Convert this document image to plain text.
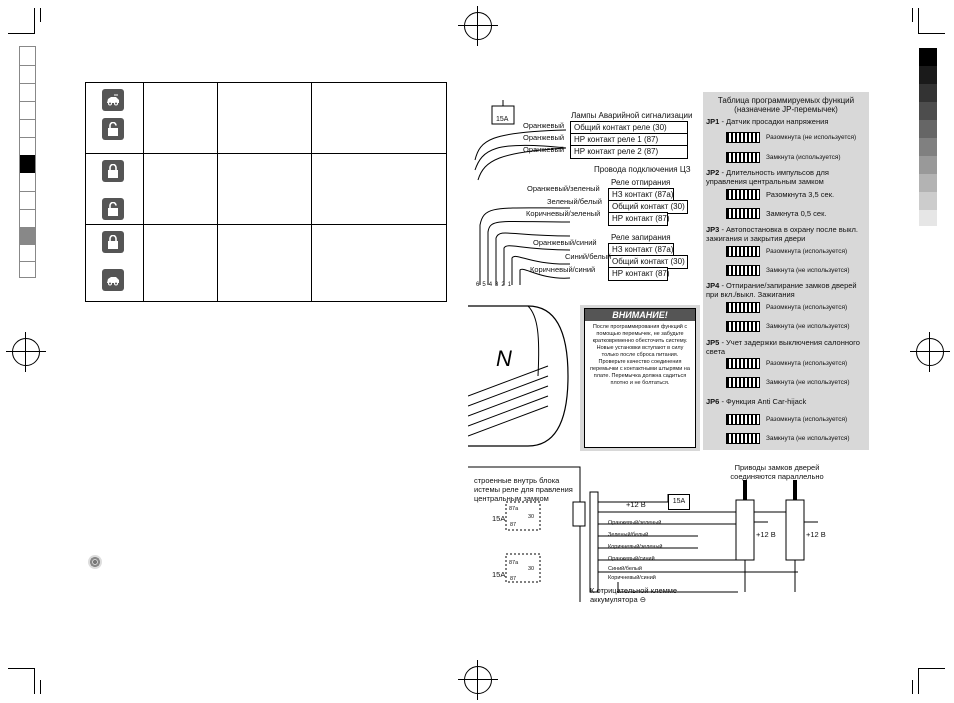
15A	Лампы Аварийной сигнализации
Общий контакт реле (30)
НР контакт реле 1 (87)
НР контакт реле 2 (87)
Оранжевый
Оранжевый
Оранжевый
Провода подключения ЦЗ
Реле отпирания
НЗ контакт (87а)
Общий контакт (30)
НР контакт (87)
Оранжевый/зеленый
Зеленый/белый
Коричневый/зеленый
Реле запирания
НЗ контакт (87а)
Общий контакт (30)
НР контакт (87)
Оранжевый/синий
Синий/белый
Коричневый/синий
6 5 4 3 2 1
N
ВНИМАНИЕ!
После программирования функций с помощью перемычек, не забудьте кратковременно обесточить систему. Новые установки вступают в силу только после сброса питания. Проверьте качество соединения перемычки с контактными штырями на плате. Перемычка должна садиться плотно и не болтаться.
Таблица программируемых функций
(назначение JP-перемычек)
JP1 - Датчик просадки напряжения
Разомкнута (не используется)
Замкнута (используется)
JP2 - Длительность импульсов для управления центральным замком
Разомкнута 3,5 сек.
Замкнута 0,5 сек.
JP3 - Автопостановка в охрану после выкл. зажигания и закрытия двери
Разомкнута (используется)
Замкнута (не используется)
JP4 - Отпирание/запирание замков дверей при вкл./выкл. Зажигания
Разомкнута (используется)
Замкнута (не используется)
JP5 - Учет задержки выключения салонного света
Разомкнута (используется)
Замкнута (не используется)
JP6 - Функция Anti Car-hijack
Разомкнута (используется)
Замкнута (не используется)
строенные внутрь блока истемы реле для правления центральным замком	15A
+12 В
15A
15A
87a
30
87
87a
30
87
Оранжевый/зеленый
Зеленый/белый
Коричневый/зеленый
Оранжевый/синий
Синий/белый
Коричневый/синий
Приводы замков дверей соединяются параллельно
+12 В	+12 В
К отрицательной клемме аккумулятора ⊖
